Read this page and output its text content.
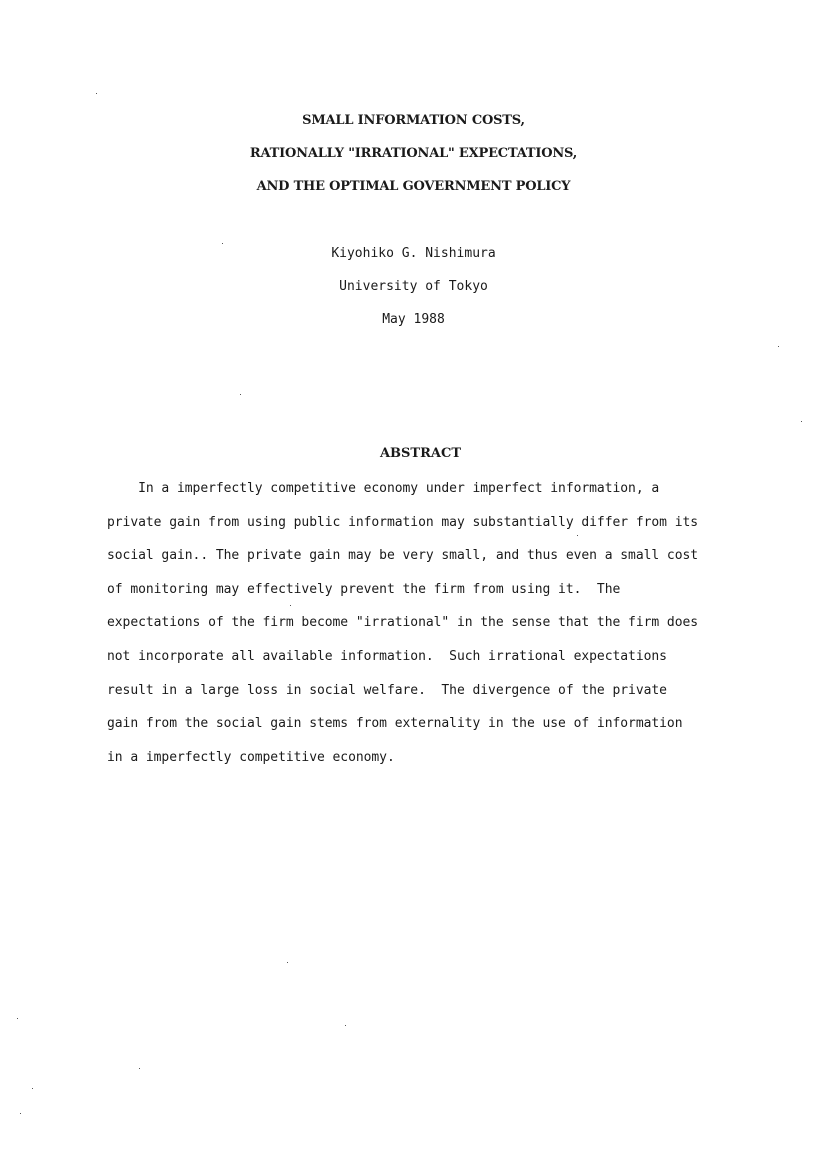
SMALL INFORMATION COSTS,
RATIONALLY "IRRATIONAL" EXPECTATIONS,
AND THE OPTIMAL GOVERNMENT POLICY
Kiyohiko G. Nishimura
University of Tokyo
May 1988
ABSTRACT
In a imperfectly competitive economy under imperfect information, a
private gain from using public information may substantially differ from its
social gain.. The private gain may be very small, and thus even a small cost
of monitoring may effectively prevent the firm from using it.  The
expectations of the firm become "irrational" in the sense that the firm does
not incorporate all available information.  Such irrational expectations
result in a large loss in social welfare.  The divergence of the private
gain from the social gain stems from externality in the use of information
in a imperfectly competitive economy.
